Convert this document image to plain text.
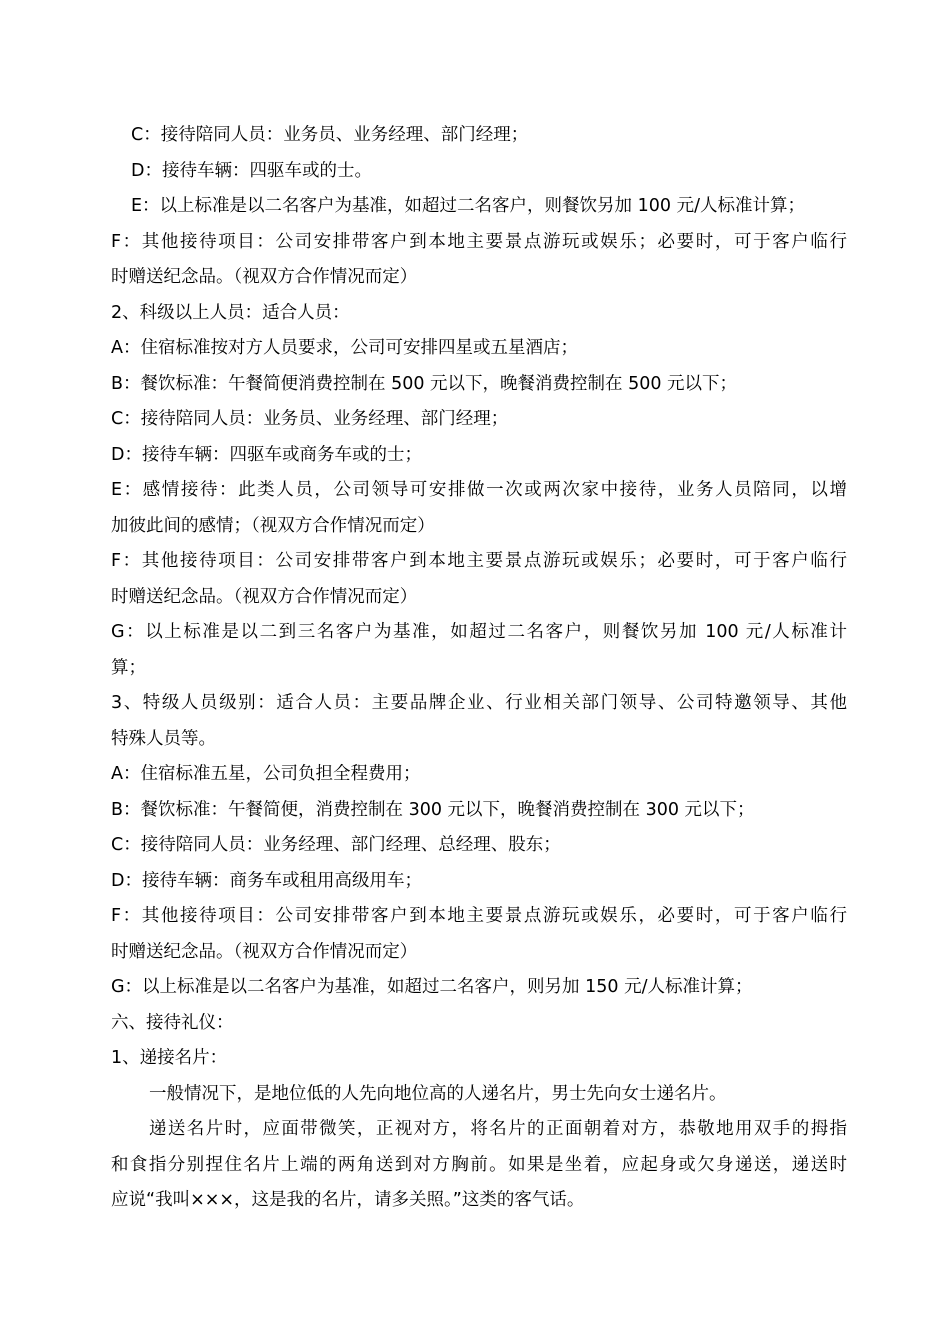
C：接待陪同人员：业务员、业务经理、部门经理；
D：接待车辆：四驱车或的士。
E：以上标准是以二名客户为基准，如超过二名客户，则餐饮另加 100 元/人标准计算；
F：其他接待项目：公司安排带客户到本地主要景点游玩或娱乐；必要时，可于客户临行
时赠送纪念品。（视双方合作情况而定）
2、科级以上人员：适合人员：
A：住宿标准按对方人员要求，公司可安排四星或五星酒店；
B：餐饮标准：午餐简便消费控制在 500 元以下，晚餐消费控制在 500 元以下；
C：接待陪同人员：业务员、业务经理、部门经理；
D：接待车辆：四驱车或商务车或的士；
E：感情接待：此类人员，公司领导可安排做一次或两次家中接待，业务人员陪同，以增
加彼此间的感情；（视双方合作情况而定）
F：其他接待项目：公司安排带客户到本地主要景点游玩或娱乐；必要时，可于客户临行
时赠送纪念品。（视双方合作情况而定）
G：以上标准是以二到三名客户为基准，如超过二名客户，则餐饮另加 100 元/人标准计
算；
3、特级人员级别：适合人员：主要品牌企业、行业相关部门领导、公司特邀领导、其他
特殊人员等。
A：住宿标准五星，公司负担全程费用；
B：餐饮标准：午餐简便，消费控制在 300 元以下，晚餐消费控制在 300 元以下；
C：接待陪同人员：业务经理、部门经理、总经理、股东；
D：接待车辆：商务车或租用高级用车；
F：其他接待项目：公司安排带客户到本地主要景点游玩或娱乐，必要时，可于客户临行
时赠送纪念品。（视双方合作情况而定）
G：以上标准是以二名客户为基准，如超过二名客户，则另加 150 元/人标准计算；
六、接待礼仪：
1、递接名片：
一般情况下，是地位低的人先向地位高的人递名片，男士先向女士递名片。
递送名片时，应面带微笑，正视对方，将名片的正面朝着对方，恭敬地用双手的拇指
和食指分别捏住名片上端的两角送到对方胸前。如果是坐着，应起身或欠身递送，递送时
应说“我叫×××，这是我的名片，请多关照。”这类的客气话。
